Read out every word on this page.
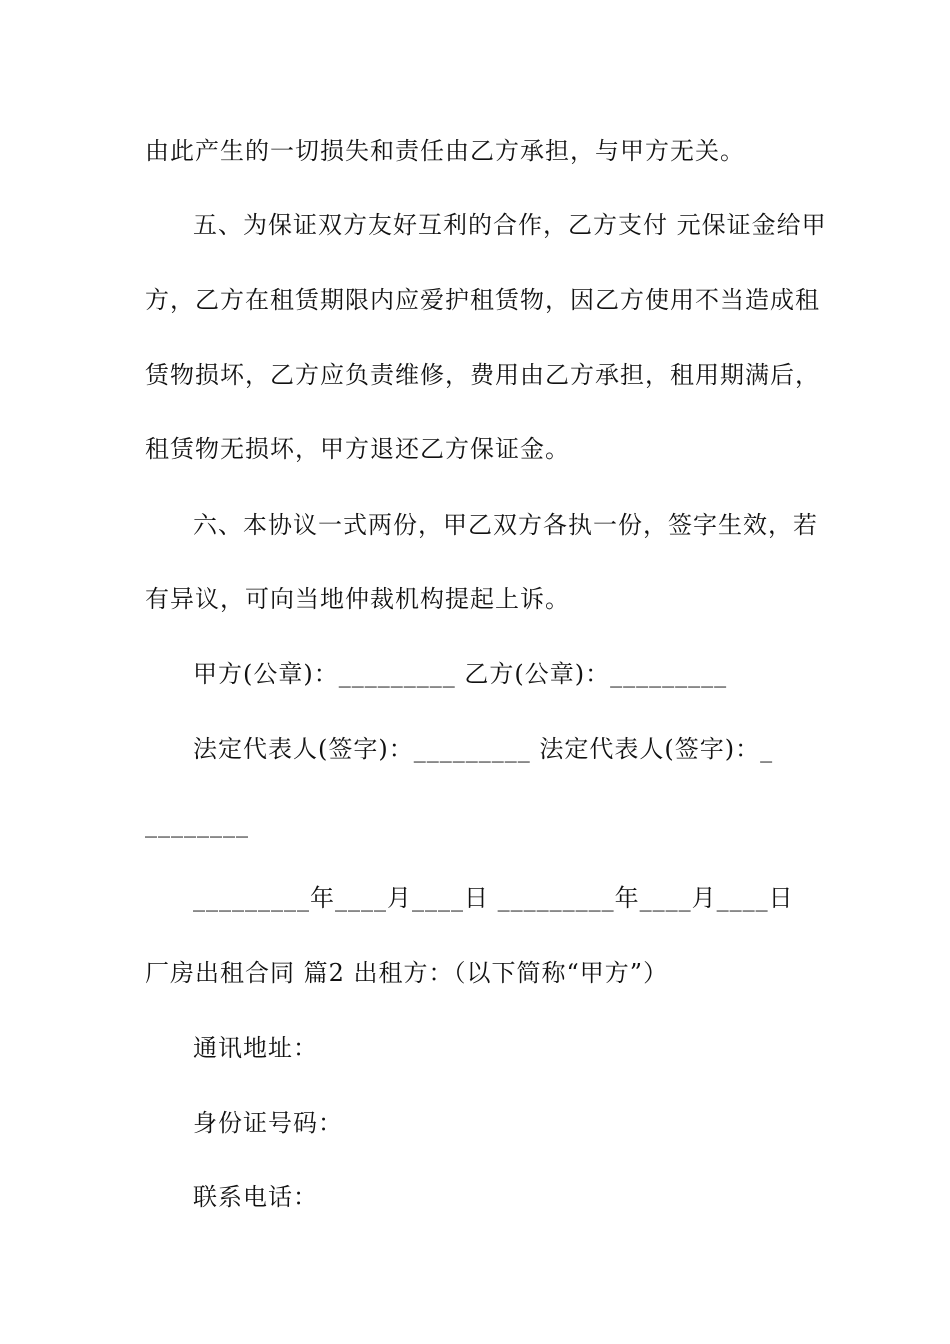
由此产生的一切损失和责任由乙方承担，与甲方无关。
五、为保证双方友好互利的合作，乙方支付 元保证金给甲
方，乙方在租赁期限内应爱护租赁物，因乙方使用不当造成租
赁物损坏，乙方应负责维修，费用由乙方承担，租用期满后，
租赁物无损坏，甲方退还乙方保证金。
六、本协议一式两份，甲乙双方各执一份，签字生效，若
有异议，可向当地仲裁机构提起上诉。
甲方(公章)：_________ 乙方(公章)：_________
法定代表人(签字)：_________ 法定代表人(签字)：_
________
_________年____月____日 _________年____月____日
厂房出租合同 篇2 出租方：（以下简称“甲方”）
通讯地址：
身份证号码：
联系电话：
